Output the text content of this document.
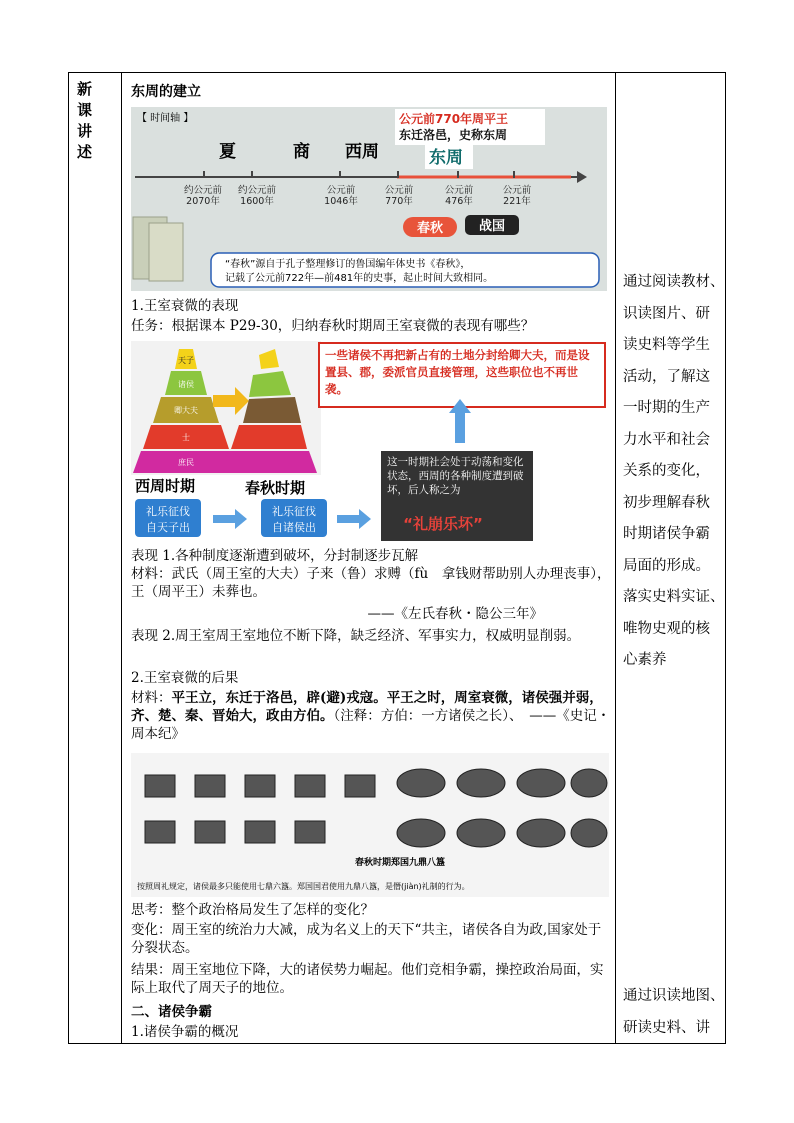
新
课
讲
述
东周的建立
【 时间轴 】	公元前770年周平王
东迁洛邑，史称东周
夏	商 西周	东周
约公元前
2070年
约公元前
1600年
公元前
1046年
公元前
770年
公元前
476年
公元前
221年
春秋	战国
“春秋”源自于孔子整理修订的鲁国编年体史书《春秋》，
记载了公元前722年—前481年的史事，起止时间大致相同。
1.王室衰微的表现
任务：根据课本 P29-30，归纳春秋时期周王室衰微的表现有哪些？
天子
诸侯
卿大夫
士
庶民
西周时期	春秋时期
礼乐征伐
自天子出
礼乐征伐
自诸侯出
一些诸侯不再把新占有的土地分封给卿大夫，而是设置县、郡，委派官员直接管理，这些职位也不再世袭。
这一时期社会处于动荡和变化状态，西周的各种制度遭到破坏，后人称之为
“礼崩乐坏”
表现 1.各种制度逐渐遭到破坏，分封制逐步瓦解
材料：武氏（周王室的大夫）子来（鲁）求赙（fù　拿钱财帮助别人办理丧事），王（周平王）未葬也。
——《左氏春秋・隐公三年》
表现 2.周王室周王室地位不断下降，缺乏经济、军事实力，权威明显削弱。
2.王室衰微的后果
材料：平王立，东迁于洛邑，辟(避)戎寇。平王之时，周室衰微，诸侯强并弱，齐、楚、秦、晋始大，政由方伯。（注释：方伯：一方诸侯之长）、　 ——《史记・周本纪》
春秋时期郑国九鼎八簋
按照周礼规定，诸侯最多只能使用七鼎六簋。郑国国君使用九鼎八簋，是僭(jiàn)礼制的行为。
思考：整个政治格局发生了怎样的变化？
变化：周王室的统治力大减，成为名义上的天下“共主，诸侯各自为政,国家处于分裂状态。
结果：周王室地位下降，大的诸侯势力崛起。他们竞相争霸，操控政治局面，实际上取代了周天子的地位。
二、诸侯争霸
1.诸侯争霸的概况
通过阅读教材、
识读图片、研
读史料等学生
活动，了解这
一时期的生产
力水平和社会
关系的变化，
初步理解春秋
时期诸侯争霸
局面的形成。
落实史料实证、
唯物史观的核
心素养
通过识读地图、
研读史料、讲
